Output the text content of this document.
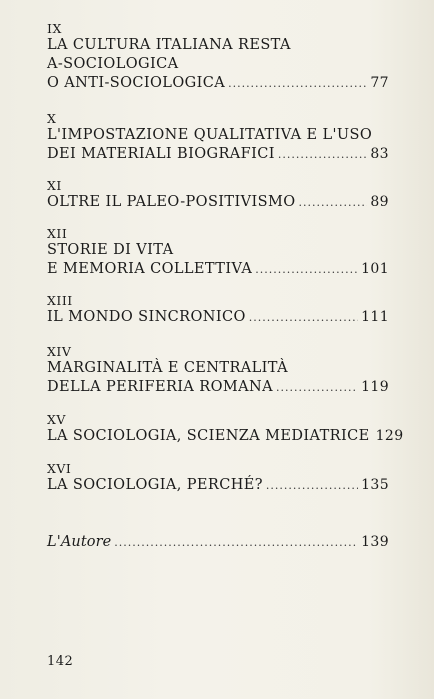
IX
LA CULTURA ITALIANA RESTA
A-SOCIOLOGICA
O ANTI-SOCIOLOGICA .....	77
X
L'IMPOSTAZIONE QUALITATIVA E L'USO
DEI MATERIALI BIOGRAFICI .....	83
XI
OLTRE IL PALEO-POSITIVISMO .....	89
XII
STORIE DI VITA
E MEMORIA COLLETTIVA .....	101
XIII
IL MONDO SINCRONICO .....	111
XIV
MARGINALITÀ E CENTRALITÀ
DELLA PERIFERIA ROMANA .....	119
XV
LA SOCIOLOGIA, SCIENZA MEDIATRICE 129
XVI
LA SOCIOLOGIA, PERCHÉ? .....	135
L'Autore .....	139
142
